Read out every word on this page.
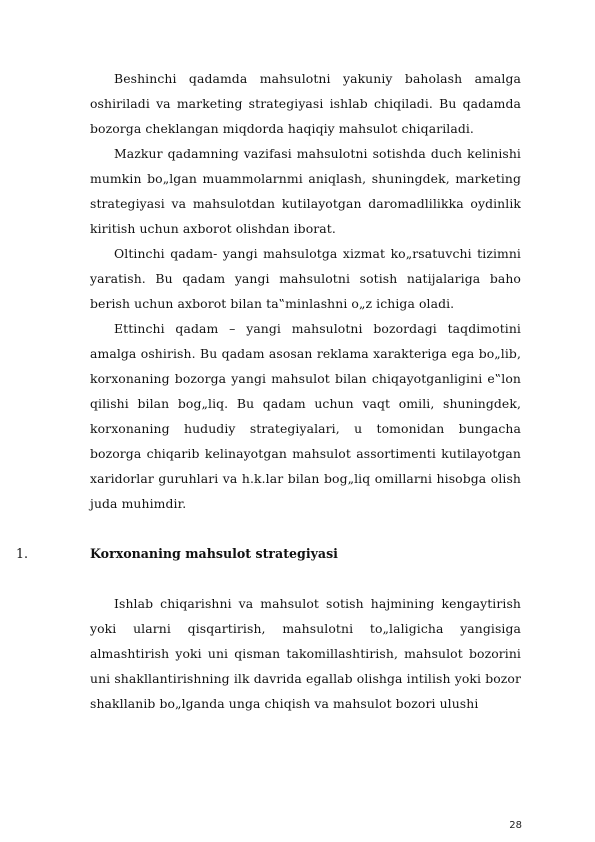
Beshinchi qadamda mahsulotni yakuniy baholash amalga oshiriladi va marketing strategiyasi ishlab chiqiladi. Bu qadamda bozorga cheklangan miqdorda haqiqiy mahsulot chiqariladi.

Mazkur qadamning vazifasi mahsulotni sotishda duch kelinishi mumkin bo„lgan muammolarnmi aniqlash, shuningdek, marketing strategiyasi va mahsulotdan kutilayotgan daromadlilikka oydinlik kiritish uchun axborot olishdan iborat.

Oltinchi qadam- yangi mahsulotga xizmat ko„rsatuvchi tizimni yaratish. Bu qadam yangi mahsulotni sotish natijalariga baho berish uchun axborot bilan ta‟minlashni o„z ichiga oladi.

Ettinchi qadam – yangi mahsulotni bozordagi taqdimotini amalga oshirish. Bu qadam asosan reklama xarakteriga ega bo„lib, korxonaning bozorga yangi mahsulot bilan chiqayotganligini e‟lon qilishi bilan bog„liq. Bu qadam uchun vaqt omili, shuningdek, korxonaning hududiy strategiyalari, u tomonidan bungacha bozorga chiqarib kelinayotgan mahsulot assortimenti kutilayotgan xaridorlar guruhlari va h.k.lar bilan bog„liq omillarni hisobga olish juda muhimdir.

1.	Korxonaning mahsulot strategiyasi

Ishlab chiqarishni va mahsulot sotish hajmining kengaytirish yoki ularni qisqartirish, mahsulotni to„laligicha yangisiga almashtirish yoki uni qisman takomillashtirish, mahsulot bozorini uni shakllantirishning ilk davrida egallab olishga intilish yoki bozor shakllanib bo„lganda unga chiqish va mahsulot bozori ulushi

28
